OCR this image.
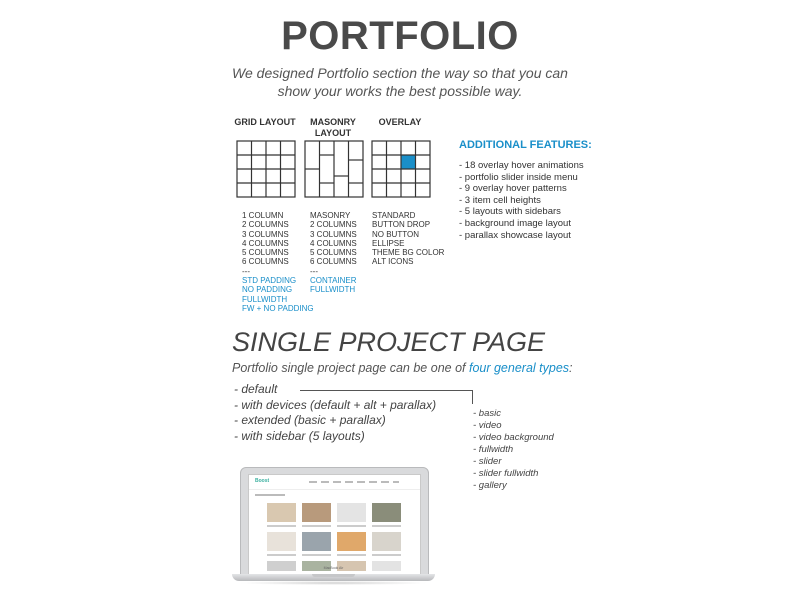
PORTFOLIO
We designed Portfolio section the way so that you can
show your works the best possible way.
GRID LAYOUT
1 COLUMN
2 COLUMNS
3 COLUMNS
4 COLUMNS
5 COLUMNS
6 COLUMNS
---
STD PADDING
NO PADDING
FULLWIDTH
FW + NO PADDING
MASONRY
LAYOUT
MASONRY
2 COLUMNS
3 COLUMNS
4 COLUMNS
5 COLUMNS
6 COLUMNS
---
CONTAINER
FULLWIDTH
OVERLAY
STANDARD
BUTTON DROP
NO BUTTON
ELLIPSE
THEME BG COLOR
ALT ICONS
ADDITIONAL FEATURES:
- 18 overlay hover animations
- portfolio slider inside menu
- 9 overlay hover patterns
- 3 item cell heights
- 5 layouts with sidebars
- background image layout
- parallax showcase layout
SINGLE PROJECT PAGE
Portfolio single project page can be one of four general types:
- default
- with devices (default + alt + parallax)
- extended (basic + parallax)
- with sidebar (5 layouts)
- basic
- video
- video background
- fullwidth
- slider
- slider fullwidth
- gallery
Boost
MacBook Air
